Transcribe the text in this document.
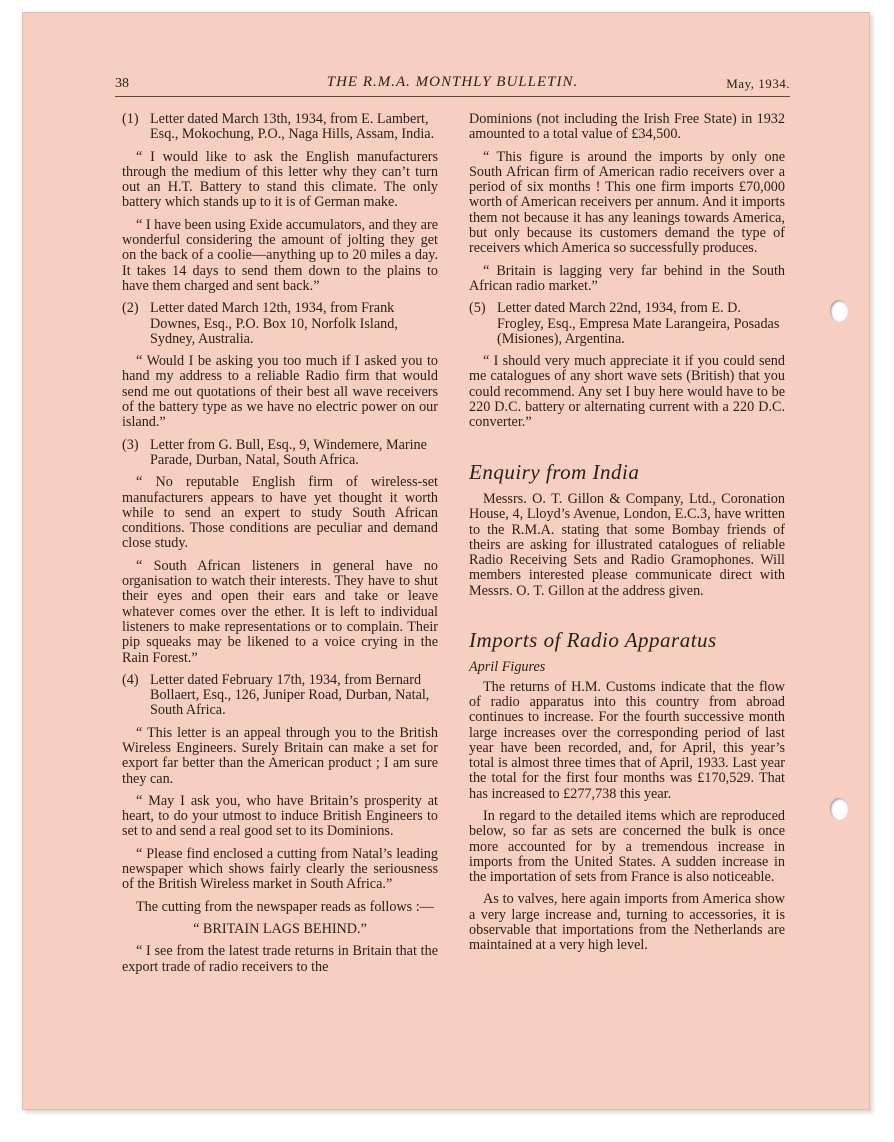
38	THE R.M.A. MONTHLY BULLETIN.	May, 1934.
(1) Letter dated March 13th, 1934, from E. Lambert, Esq., Mokochung, P.O., Naga Hills, Assam, India.

“ I would like to ask the English manufacturers through the medium of this letter why they can’t turn out an H.T. Battery to stand this climate. The only battery which stands up to it is of German make.

“ I have been using Exide accumulators, and they are wonderful considering the amount of jolting they get on the back of a coolie—anything up to 20 miles a day. It takes 14 days to send them down to the plains to have them charged and sent back.”

(2) Letter dated March 12th, 1934, from Frank Downes, Esq., P.O. Box 10, Norfolk Island, Sydney, Australia.

“ Would I be asking you too much if I asked you to hand my address to a reliable Radio firm that would send me out quotations of their best all wave receivers of the battery type as we have no electric power on our island.”

(3) Letter from G. Bull, Esq., 9, Windemere, Marine Parade, Durban, Natal, South Africa.

“ No reputable English firm of wireless-set manufacturers appears to have yet thought it worth while to send an expert to study South African conditions. Those conditions are peculiar and demand close study.

“ South African listeners in general have no organisation to watch their interests. They have to shut their eyes and open their ears and take or leave whatever comes over the ether. It is left to individual listeners to make representations or to complain. Their pip squeaks may be likened to a voice crying in the Rain Forest.”

(4) Letter dated February 17th, 1934, from Bernard Bollaert, Esq., 126, Juniper Road, Durban, Natal, South Africa.

“ This letter is an appeal through you to the British Wireless Engineers. Surely Britain can make a set for export far better than the American product ; I am sure they can.

“ May I ask you, who have Britain’s prosperity at heart, to do your utmost to induce British Engineers to set to and send a real good set to its Dominions.

“ Please find enclosed a cutting from Natal’s leading newspaper which shows fairly clearly the seriousness of the British Wireless market in South Africa.”

The cutting from the newspaper reads as follows :—

“ BRITAIN LAGS BEHIND.”

“ I see from the latest trade returns in Britain that the export trade of radio receivers to the

Dominions (not including the Irish Free State) in 1932 amounted to a total value of £34,500.

“ This figure is around the imports by only one South African firm of American radio receivers over a period of six months ! This one firm imports £70,000 worth of American receivers per annum. And it imports them not because it has any leanings towards America, but only because its customers demand the type of receivers which America so successfully produces.

“ Britain is lagging very far behind in the South African radio market.”

(5) Letter dated March 22nd, 1934, from E. D. Frogley, Esq., Empresa Mate Larangeira, Posadas (Misiones), Argentina.

“ I should very much appreciate it if you could send me catalogues of any short wave sets (British) that you could recommend. Any set I buy here would have to be 220 D.C. battery or alternating current with a 220 D.C. converter.”

Enquiry from India

Messrs. O. T. Gillon & Company, Ltd., Coronation House, 4, Lloyd’s Avenue, London, E.C.3, have written to the R.M.A. stating that some Bombay friends of theirs are asking for illustrated catalogues of reliable Radio Receiving Sets and Radio Gramophones. Will members interested please communicate direct with Messrs. O. T. Gillon at the address given.

Imports of Radio Apparatus
April Figures

The returns of H.M. Customs indicate that the flow of radio apparatus into this country from abroad continues to increase. For the fourth successive month large increases over the corresponding period of last year have been recorded, and, for April, this year’s total is almost three times that of April, 1933. Last year the total for the first four months was £170,529. That has increased to £277,738 this year.

In regard to the detailed items which are reproduced below, so far as sets are concerned the bulk is once more accounted for by a tremendous increase in imports from the United States. A sudden increase in the importation of sets from France is also noticeable.

As to valves, here again imports from America show a very large increase and, turning to accessories, it is observable that importations from the Netherlands are maintained at a very high level.
